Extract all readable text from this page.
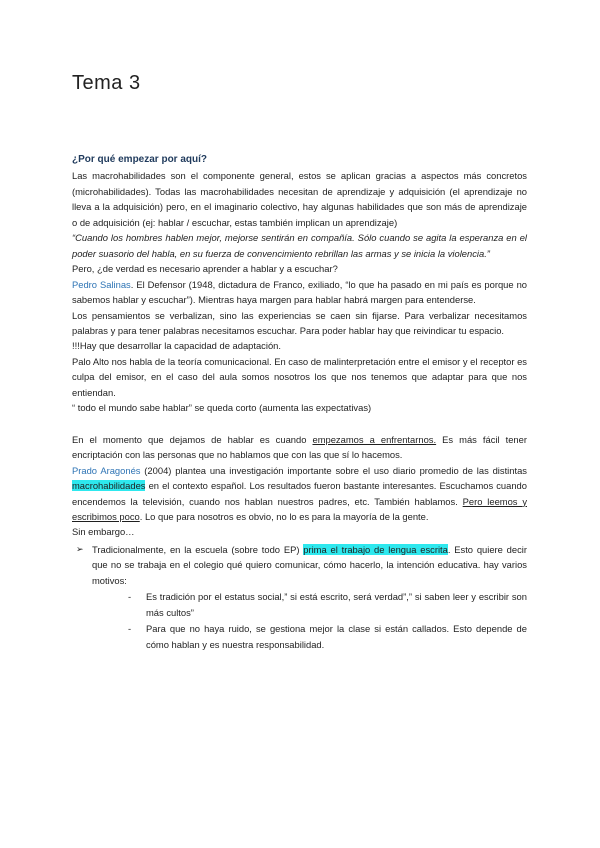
Tema 3

¿Por qué empezar por aquí?

Las macrohabilidades son el componente general, estos se aplican gracias a aspectos más concretos (microhabilidades). Todas las macrohabilidades necesitan de aprendizaje y adquisición (el aprendizaje no lleva a la adquisición) pero, en el imaginario colectivo, hay algunas habilidades que son más de aprendizaje o de adquisición (ej: hablar / escuchar, estas también implican un aprendizaje)

“Cuando los hombres hablen mejor, mejorse sentirán en compañía. Sólo cuando se agita la esperanza en el poder suasorio del habla, en su fuerza de convencimiento rebrillan las armas y se inicia la violencia.”

Pero, ¿de verdad es necesario aprender a hablar y a escuchar?

Pedro Salinas. El Defensor (1948, dictadura de Franco, exiliado, “lo que ha pasado en mi país es porque no sabemos hablar y escuchar”). Mientras haya margen para hablar habrá margen para entenderse.

Los pensamientos se verbalizan, sino las experiencias se caen sin fijarse. Para verbalizar necesitamos palabras y para tener palabras necesitamos escuchar. Para poder hablar hay que reivindicar tu espacio.

!!!Hay que desarrollar la capacidad de adaptación.

Palo Alto nos habla de la teoría comunicacional. En caso de malinterpretación entre el emisor y el receptor es culpa del emisor, en el caso del aula somos nosotros los que nos tenemos que adaptar para que nos entiendan.

“ todo el mundo sabe hablar” se queda corto (aumenta las expectativas)

En el momento que dejamos de hablar es cuando empezamos a enfrentarnos. Es más fácil tener encriptación con las personas que no hablamos que con las que sí lo hacemos.

Prado Aragonés (2004) plantea una investigación importante sobre el uso diario promedio de las distintas macrohabilidades en el contexto español. Los resultados fueron bastante interesantes. Escuchamos cuando encendemos la televisión, cuando nos hablan nuestros padres, etc. También hablamos. Pero leemos y escribimos poco. Lo que para nosotros es obvio, no lo es para la mayoría de la gente.

Sin embargo…

➢ Tradicionalmente, en la escuela (sobre todo EP) prima el trabajo de lengua escrita. Esto quiere decir que no se trabaja en el colegio qué quiero comunicar, cómo hacerlo, la intención educativa. hay varios motivos:

- Es tradición por el estatus social,” si está escrito, será verdad”,” si saben leer y escribir son más cultos”

- Para que no haya ruido, se gestiona mejor la clase si están callados. Esto depende de cómo hablan y es nuestra responsabilidad.
